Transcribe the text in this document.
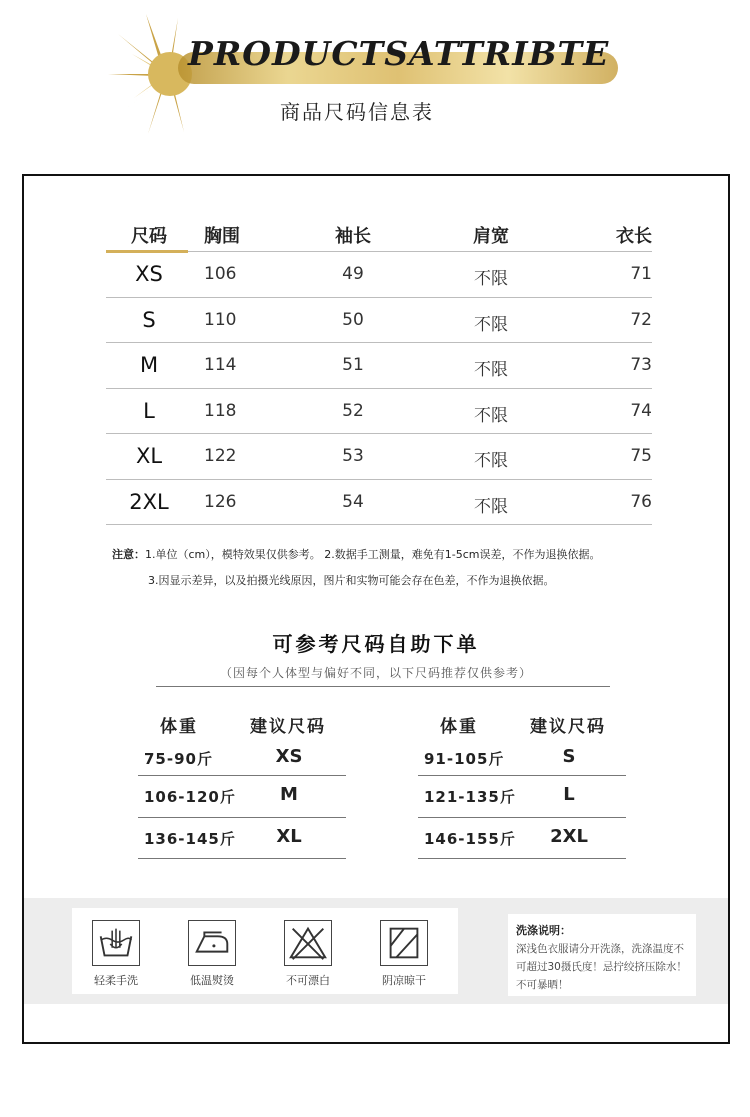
PRODUCTSATTRIBTE
商品尺码信息表
尺码	胸围	袖长	肩宽	衣长
XS	106	49	不限	71
S	110	50	不限	72
M	114	51	不限	73
L	118	52	不限	74
XL	122	53	不限	75
2XL	126	54	不限	76
注意：1.单位（cm），模特效果仅供参考。 2.数据手工测量，难免有1-5cm误差，不作为退换依据。
3.因显示差异，以及拍摄光线原因，图片和实物可能会存在色差，不作为退换依据。
可参考尺码自助下单
（因每个人体型与偏好不同，以下尺码推荐仅供参考）
体重	建议尺码
75-90斤	XS
106-120斤	M
136-145斤	XL
体重	建议尺码
91-105斤	S
121-135斤	L
146-155斤 2XL
轻柔手洗	低温熨烫	不可漂白	阴凉晾干
洗涤说明：
深浅色衣服请分开洗涤，洗涤温度不可超过30摄氏度！忌拧绞挤压除水！不可暴晒！
